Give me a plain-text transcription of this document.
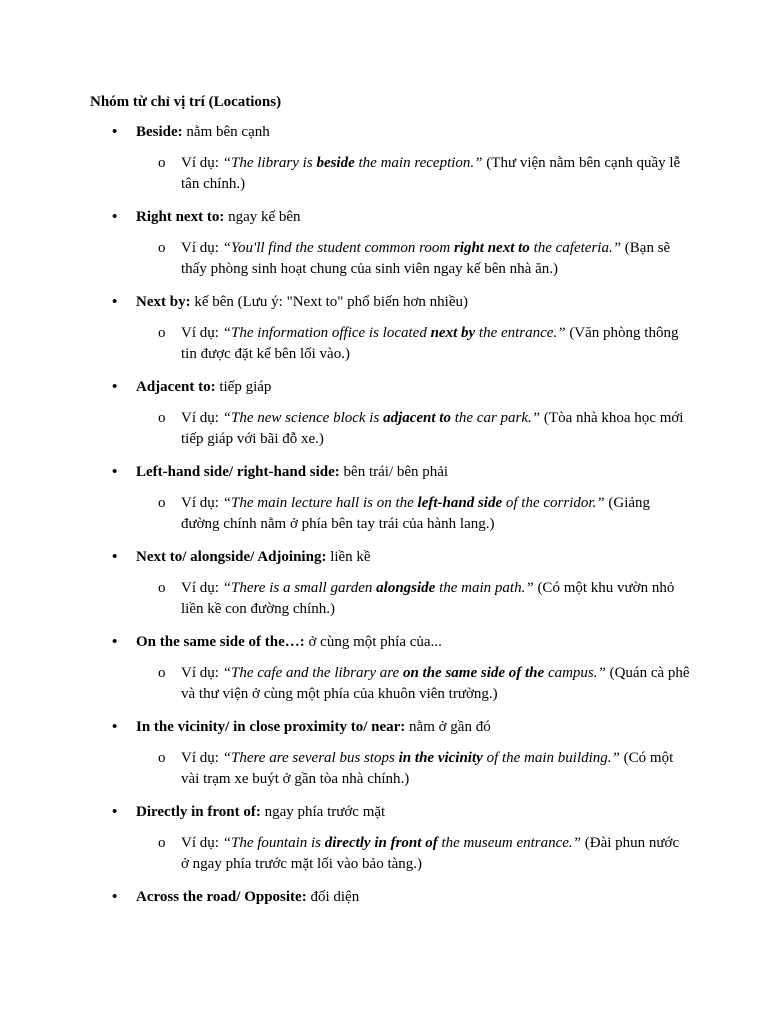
Nhóm từ chỉ vị trí (Locations)
• Beside: nằm bên cạnh
o Ví dụ: “The library is beside the main reception.” (Thư viện nằm bên cạnh quầy lễ tân chính.)
• Right next to: ngay kế bên
o Ví dụ: “You'll find the student common room right next to the cafeteria.” (Bạn sẽ thấy phòng sinh hoạt chung của sinh viên ngay kế bên nhà ăn.)
• Next by: kế bên (Lưu ý: "Next to" phổ biến hơn nhiều)
o Ví dụ: “The information office is located next by the entrance.” (Văn phòng thông tin được đặt kế bên lối vào.)
• Adjacent to: tiếp giáp
o Ví dụ: “The new science block is adjacent to the car park.” (Tòa nhà khoa học mới tiếp giáp với bãi đỗ xe.)
• Left-hand side/ right-hand side: bên trái/ bên phải
o Ví dụ: “The main lecture hall is on the left-hand side of the corridor.” (Giảng đường chính nằm ở phía bên tay trái của hành lang.)
• Next to/ alongside/ Adjoining: liền kề
o Ví dụ: “There is a small garden alongside the main path.” (Có một khu vườn nhỏ liền kề con đường chính.)
• On the same side of the…: ở cùng một phía của...
o Ví dụ: “The cafe and the library are on the same side of the campus.” (Quán cà phê và thư viện ở cùng một phía của khuôn viên trường.)
• In the vicinity/ in close proximity to/ near: nằm ở gần đó
o Ví dụ: “There are several bus stops in the vicinity of the main building.” (Có một vài trạm xe buýt ở gần tòa nhà chính.)
• Directly in front of: ngay phía trước mặt
o Ví dụ: “The fountain is directly in front of the museum entrance.” (Đài phun nước ở ngay phía trước mặt lối vào bảo tàng.)
• Across the road/ Opposite: đối diện
